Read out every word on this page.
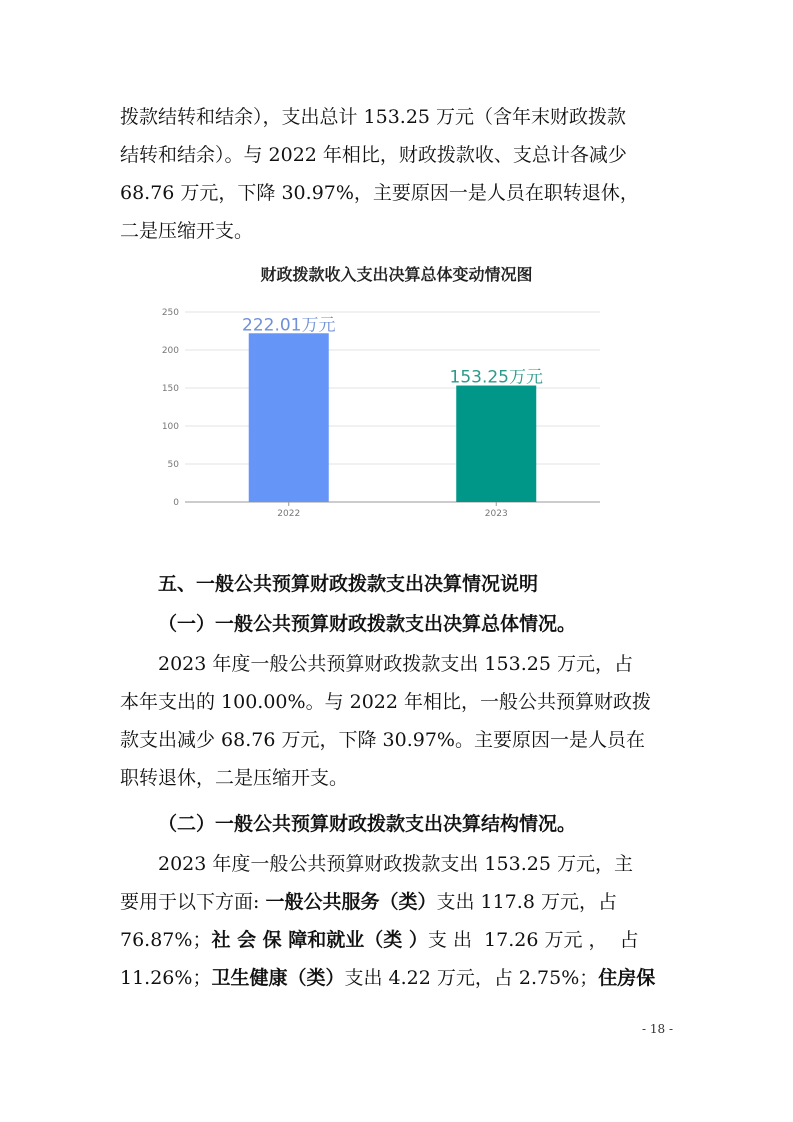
拨款结转和结余），支出总计 153.25 万元（含年末财政拨款
结转和结余）。与 2022 年相比，财政拨款收、支总计各减少
68.76 万元，下降 30.97%，主要原因一是人员在职转退休，
二是压缩开支。
财政拨款收入支出决算总体变动情况图
0
50
100
150
200
250
222.01万元
2022
153.25万元
2023
五、一般公共预算财政拨款支出决算情况说明
（一）一般公共预算财政拨款支出决算总体情况。
2023 年度一般公共预算财政拨款支出 153.25 万元，占
本年支出的 100.00%。与 2022 年相比，一般公共预算财政拨
款支出减少 68.76 万元，下降 30.97%。主要原因一是人员在
职转退休，二是压缩开支。
（二）一般公共预算财政拨款支出决算结构情况。
2023 年度一般公共预算财政拨款支出 153.25 万元，主
要用于以下方面: 一般公共服务（类）支出 117.8 万元，占
76.87%；社 会 保 障和就业（类 ）支 出  17.26 万元 ，  占
11.26%；卫生健康（类）支出 4.22 万元，占 2.75%；住房保
- 18 -
